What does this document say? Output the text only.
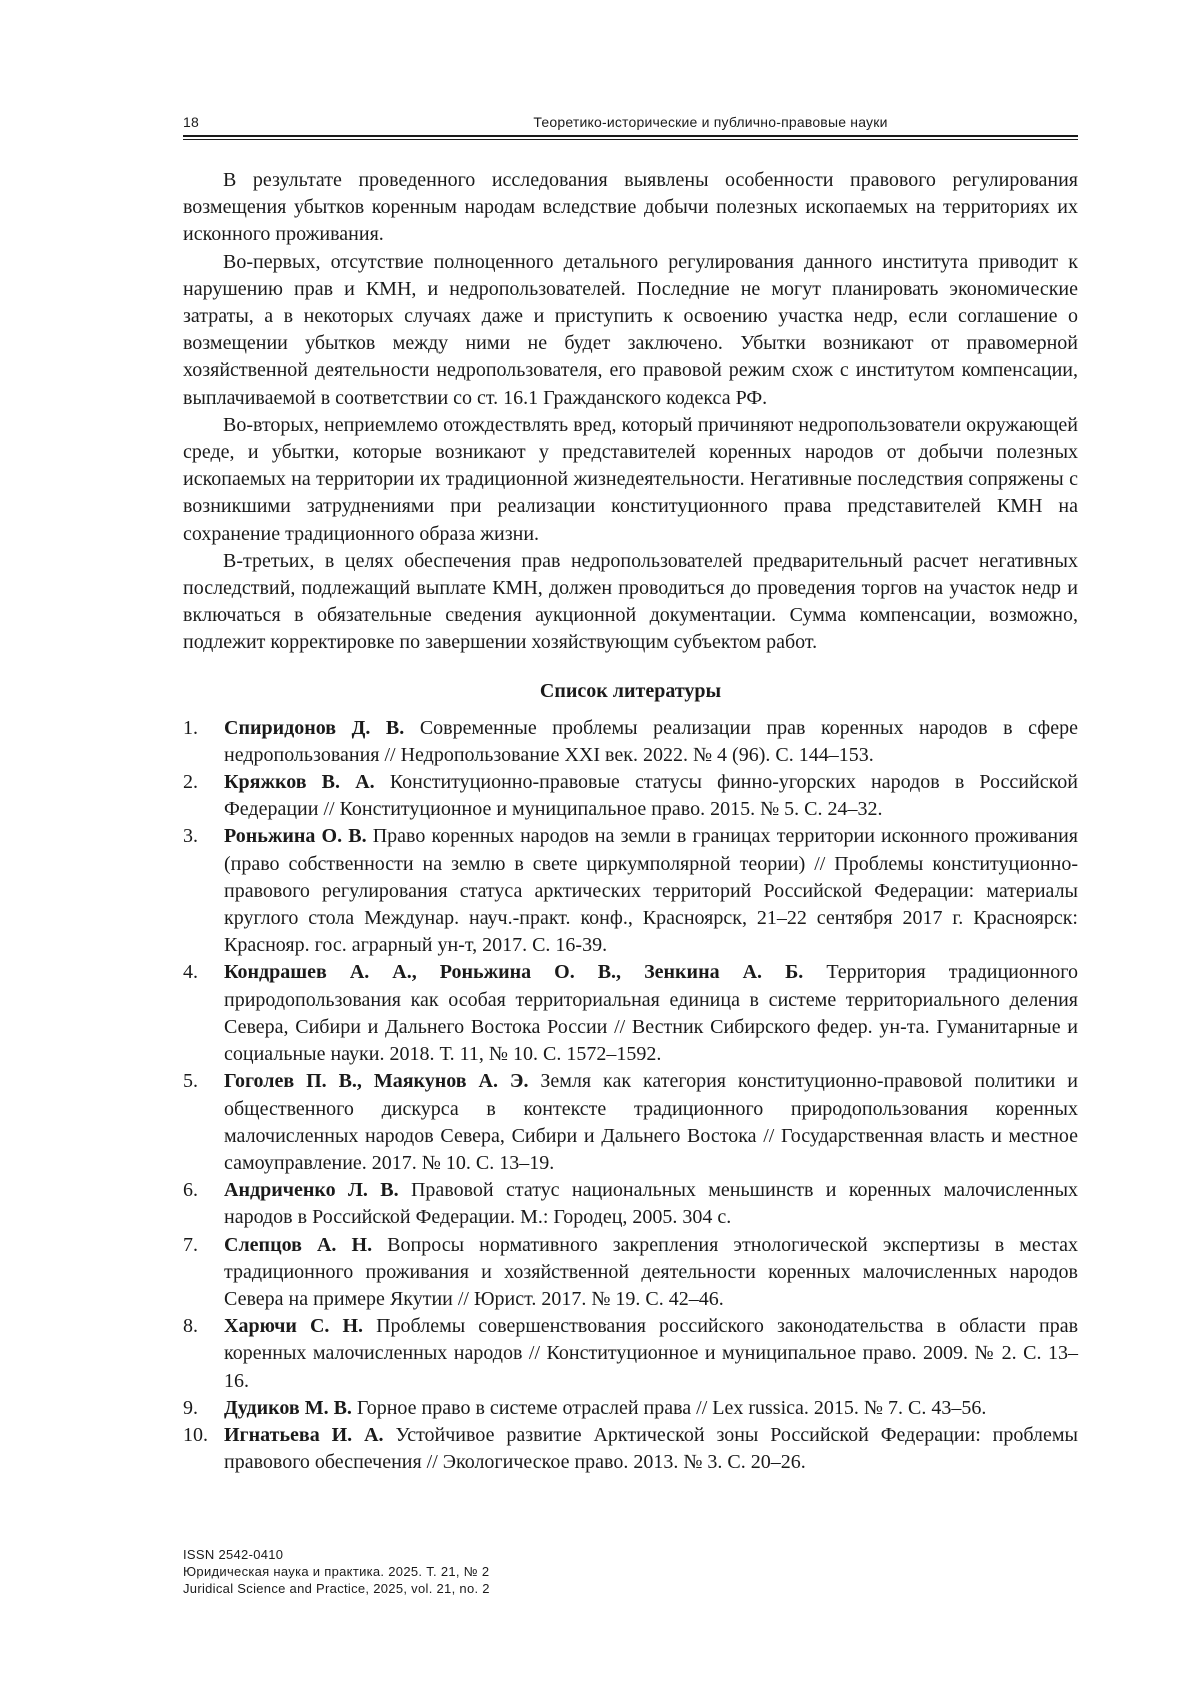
18	Теоретико-исторические и публично-правовые науки

В результате проведенного исследования выявлены особенности правового регулирования возмещения убытков коренным народам вследствие добычи полезных ископаемых на территориях их исконного проживания.

Во-первых, отсутствие полноценного детального регулирования данного института приводит к нарушению прав и КМН, и недропользователей. Последние не могут планировать экономические затраты, а в некоторых случаях даже и приступить к освоению участка недр, если соглашение о возмещении убытков между ними не будет заключено. Убытки возникают от правомерной хозяйственной деятельности недропользователя, его правовой режим схож с институтом компенсации, выплачиваемой в соответствии со ст. 16.1 Гражданского кодекса РФ.

Во-вторых, неприемлемо отождествлять вред, который причиняют недропользователи окружающей среде, и убытки, которые возникают у представителей коренных народов от добычи полезных ископаемых на территории их традиционной жизнедеятельности. Негативные последствия сопряжены с возникшими затруднениями при реализации конституционного права представителей КМН на сохранение традиционного образа жизни.

В-третьих, в целях обеспечения прав недропользователей предварительный расчет негативных последствий, подлежащий выплате КМН, должен проводиться до проведения торгов на участок недр и включаться в обязательные сведения аукционной документации. Сумма компенсации, возможно, подлежит корректировке по завершении хозяйствующим субъектом работ.

Список литературы
1. Спиридонов Д. В. Современные проблемы реализации прав коренных народов в сфере недропользования // Недропользование XXI век. 2022. № 4 (96). С. 144–153.
2. Кряжков В. А. Конституционно-правовые статусы финно-угорских народов в Российской Федерации // Конституционное и муниципальное право. 2015. № 5. С. 24–32.
3. Роньжина О. В. Право коренных народов на земли в границах территории исконного проживания (право собственности на землю в свете циркумполярной теории) // Проблемы конституционно-правового регулирования статуса арктических территорий Российской Федерации: материалы круглого стола Междунар. науч.-практ. конф., Красноярск, 21–22 сентября 2017 г. Красноярск: Краснояр. гос. аграрный ун-т, 2017. С. 16-39.
4. Кондрашев А. А., Роньжина О. В., Зенкина А. Б. Территория традиционного природопользования как особая территориальная единица в системе территориального деления Севера, Сибири и Дальнего Востока России // Вестник Сибирского федер. ун-та. Гуманитарные и социальные науки. 2018. Т. 11, № 10. С. 1572–1592.
5. Гоголев П. В., Маякунов А. Э. Земля как категория конституционно-правовой политики и общественного дискурса в контексте традиционного природопользования коренных малочисленных народов Севера, Сибири и Дальнего Востока // Государственная власть и местное самоуправление. 2017. № 10. С. 13–19.
6. Андриченко Л. В. Правовой статус национальных меньшинств и коренных малочисленных народов в Российской Федерации. М.: Городец, 2005. 304 с.
7. Слепцов А. Н. Вопросы нормативного закрепления этнологической экспертизы в местах традиционного проживания и хозяйственной деятельности коренных малочисленных народов Севера на примере Якутии // Юрист. 2017. № 19. С. 42–46.
8. Харючи С. Н. Проблемы совершенствования российского законодательства в области прав коренных малочисленных народов // Конституционное и муниципальное право. 2009. № 2. С. 13–16.
9. Дудиков М. В. Горное право в системе отраслей права // Lex russica. 2015. № 7. С. 43–56.
10. Игнатьева И. А. Устойчивое развитие Арктической зоны Российской Федерации: проблемы правового обеспечения // Экологическое право. 2013. № 3. С. 20–26.
ISSN 2542-0410
Юридическая наука и практика. 2025. Т. 21, № 2
Juridical Science and Practice, 2025, vol. 21, no. 2
